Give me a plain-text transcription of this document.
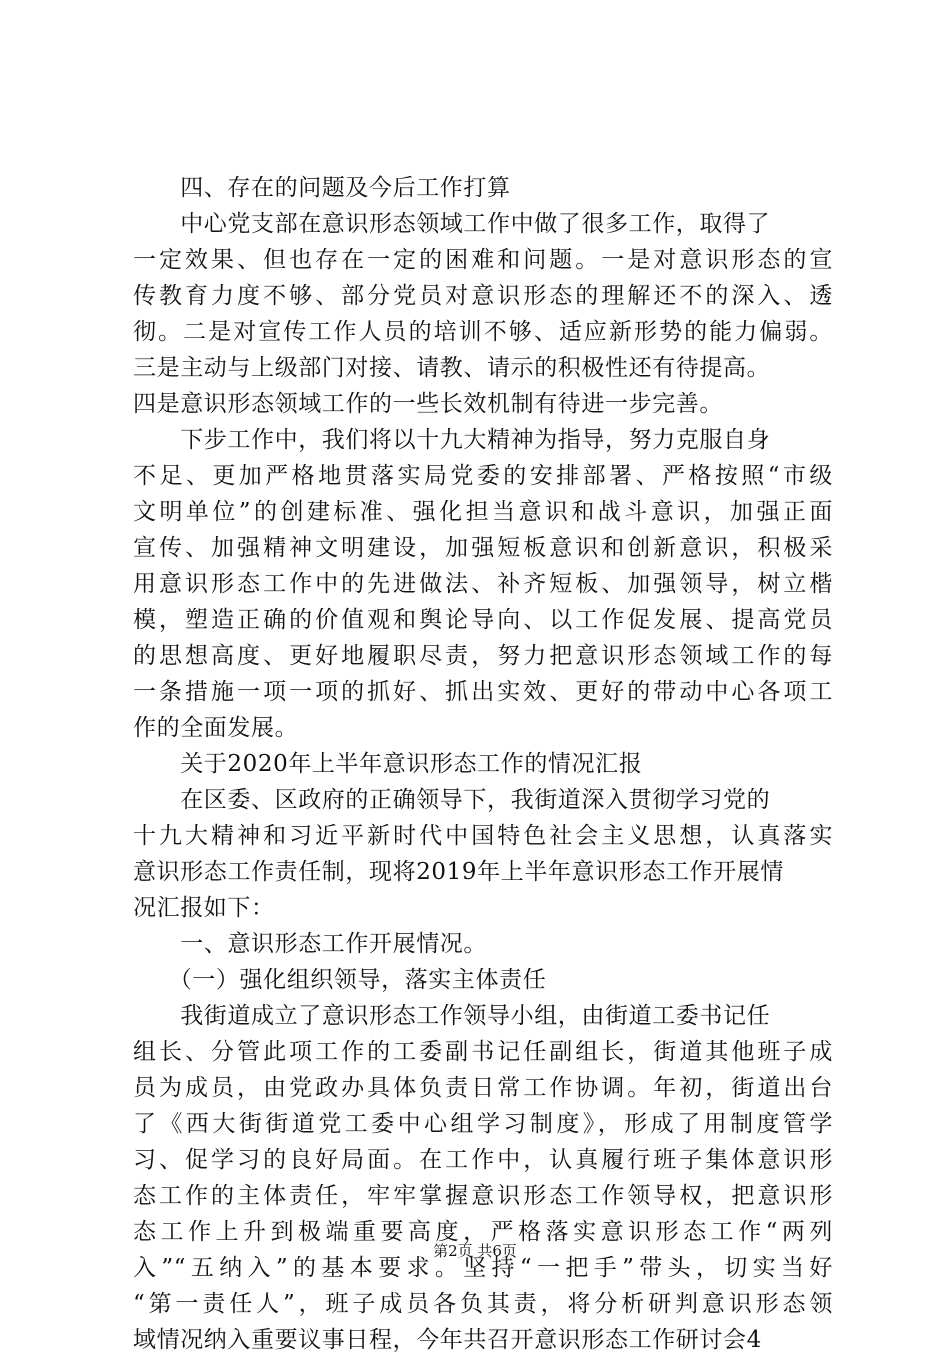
　　四、存在的问题及今后工作打算
　　中心党支部在意识形态领域工作中做了很多工作，取得了
一定效果、但也存在一定的困难和问题。一是对意识形态的宣
传教育力度不够、部分党员对意识形态的理解还不的深入、透
彻。二是对宣传工作人员的培训不够、适应新形势的能力偏弱。
三是主动与上级部门对接、请教、请示的积极性还有待提高。
四是意识形态领域工作的一些长效机制有待进一步完善。
　　下步工作中，我们将以十九大精神为指导，努力克服自身
不足、更加严格地贯落实局党委的安排部署、严格按照“市级
文明单位”的创建标准、强化担当意识和战斗意识，加强正面
宣传、加强精神文明建设，加强短板意识和创新意识，积极采
用意识形态工作中的先进做法、补齐短板、加强领导，树立楷
模，塑造正确的价值观和舆论导向、以工作促发展、提高党员
的思想高度、更好地履职尽责，努力把意识形态领域工作的每
一条措施一项一项的抓好、抓出实效、更好的带动中心各项工
作的全面发展。
　　关于2020年上半年意识形态工作的情况汇报
　　在区委、区政府的正确领导下，我街道深入贯彻学习党的
十九大精神和习近平新时代中国特色社会主义思想，认真落实
意识形态工作责任制，现将2019年上半年意识形态工作开展情
况汇报如下：
　　一、意识形态工作开展情况。
　　（一）强化组织领导，落实主体责任
　　我街道成立了意识形态工作领导小组，由街道工委书记任
组长、分管此项工作的工委副书记任副组长，街道其他班子成
员为成员，由党政办具体负责日常工作协调。年初，街道出台
了《西大街街道党工委中心组学习制度》，形成了用制度管学
习、促学习的良好局面。在工作中，认真履行班子集体意识形
态工作的主体责任，牢牢掌握意识形态工作领导权，把意识形
态工作上升到极端重要高度，严格落实意识形态工作“两列
入”“五纳入”的基本要求。坚持“一把手”带头，切实当好
“第一责任人”，班子成员各负其责，将分析研判意识形态领
域情况纳入重要议事日程，今年共召开意识形态工作研讨会4
第2页 共6页
